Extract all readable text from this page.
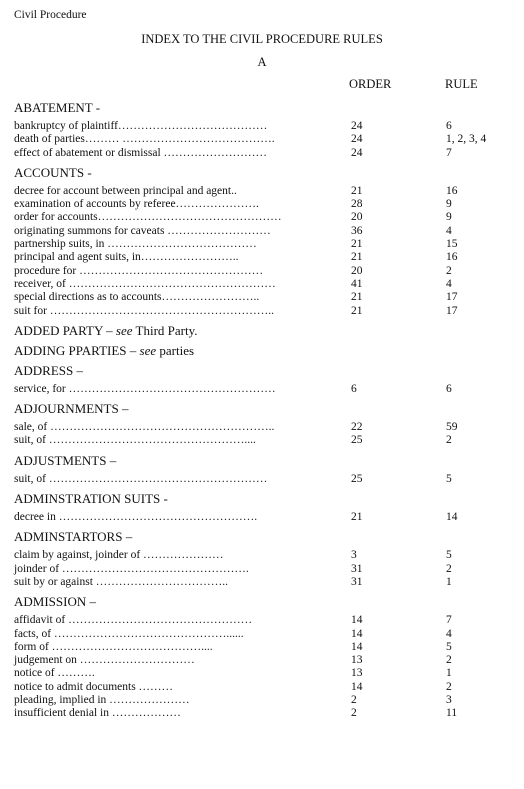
Civil Procedure
INDEX TO THE CIVIL PROCEDURE RULES
A
ORDER	RULE
ABATEMENT -
bankruptcy of plaintiff…………………………………	24	6
death of parties……… ………………………………….	24	1, 2, 3, 4
effect of abatement or dismissal ………………………	24	7
ACCOUNTS -
decree for account between principal and agent..	21	16
examination of accounts by referee………………….	28	9
order for accounts…………………………………………	20	9
originating summons for caveats ………………………	36	4
partnership suits, in …………………………………	21	15
principal and agent suits, in……………………..	21	16
procedure for …………………………………………	20	2
receiver, of ………………………………………………	41	4
special directions as to accounts……………………..	21	17
suit for …………………………………………………..	21	17
ADDED PARTY – see Third Party.
ADDING PPARTIES – see parties
ADDRESS –
service, for ………………………………………………	6	6
ADJOURNMENTS –
sale, of …………………………………………………..	22	59
suit, of ……………………………………………....	25	2
ADJUSTMENTS –
suit, of …………………………………………………	25	5
ADMINSTRATION SUITS -
decree in …………………………………………….	21	14
ADMINSTARTORS –
claim by against, joinder of …………………	3	5
joinder of ………………………………………….	31	2
suit by or against ……………………………..	31	1
ADMISSION –
affidavit of …………………………………………	14	7
facts, of ………………………………………......	14	4
form of …………………………………....	14	5
judgement on …………………………	13	2
notice of ……….	13	1
notice to admit documents ………	14	2
pleading, implied in …………………	2	3
insufficient denial in ………………	2	11
